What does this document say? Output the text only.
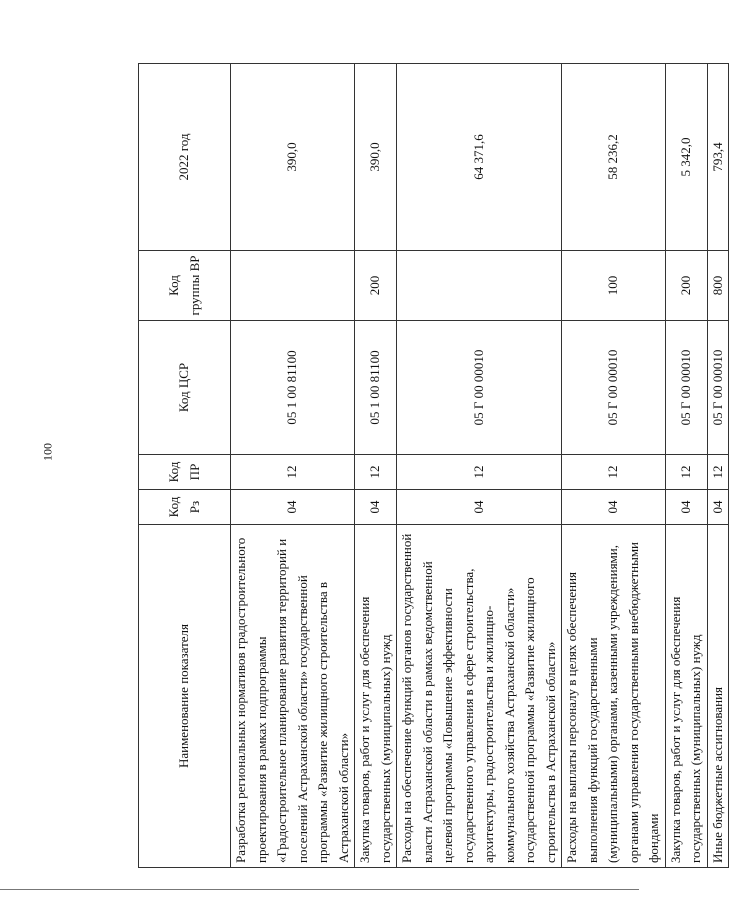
100
Наименование показателя	Код Рз	Код ПР	Код ЦСР	Код группы ВР	2022 год
Разработка региональных нормативов градостроительного проектирования в рамках подпрограммы «Градостроительное планирование развития территорий и поселений Астраханской области» государственной программы «Развитие жилищного строительства в Астраханской области»	04	12	05 1 00 81100		390,0
Закупка товаров, работ и услуг для обеспечения государственных (муниципальных) нужд	04	12	05 1 00 81100	200	390,0
Расходы на обеспечение функций органов государственной власти Астраханской области в рамках ведомственной целевой программы «Повышение эффективности государственного управления в сфере строительства, архитектуры, градостроительства и жилищно-коммунального хозяйства Астраханской области» государственной программы «Развитие жилищного строительства в Астраханской области»	04	12	05 Г 00 00010		64 371,6
Расходы на выплаты персоналу в целях обеспечения выполнения функций государственными (муниципальными) органами, казенными учреждениями, органами управления государственными внебюджетными фондами	04	12	05 Г 00 00010	100	58 236,2
Закупка товаров, работ и услуг для обеспечения государственных (муниципальных) нужд	04	12	05 Г 00 00010	200	5 342,0
Иные бюджетные ассигнования	04	12	05 Г 00 00010	800	793,4
